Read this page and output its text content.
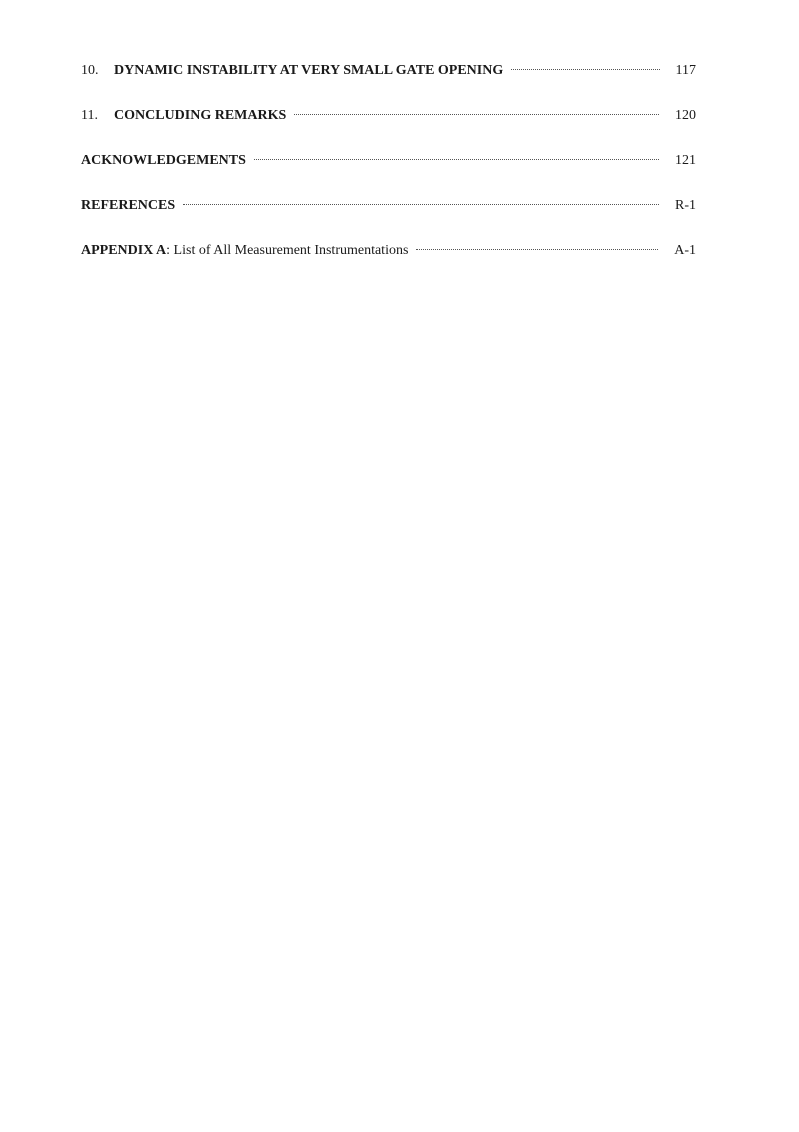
10.	DYNAMIC INSTABILITY AT VERY SMALL GATE OPENING	117
11.	CONCLUDING REMARKS	120
ACKNOWLEDGEMENTS	121
REFERENCES	R-1
APPENDIX A: List of All Measurement Instrumentations	A-1
